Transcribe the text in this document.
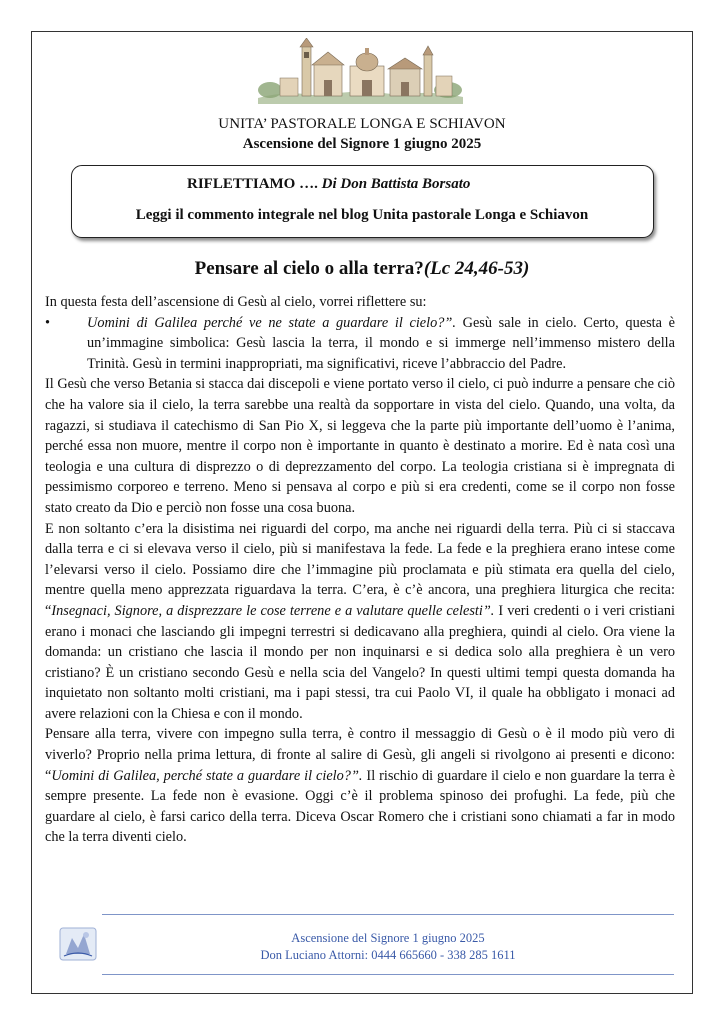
UNITA’ PASTORALE LONGA E SCHIAVON
Ascensione del Signore 1 giugno 2025
RIFLETTIAMO …. Di Don Battista Borsato
Leggi il commento integrale nel blog Unita pastorale Longa e Schiavon
Pensare al cielo o alla terra?(Lc 24,46-53)

In questa festa dell’ascensione di Gesù al cielo, vorrei riflettere su:

•	Uomini di Galilea perché ve ne state a guardare il cielo?”. Gesù sale in cielo. Certo, questa è un’immagine simbolica: Gesù lascia la terra, il mondo e si immerge nell’immenso mistero della Trinità. Gesù in termini inappropriati, ma significativi, riceve l’abbraccio del Padre.

Il Gesù che verso Betania si stacca dai discepoli e viene portato verso il cielo, ci può indurre a pensare che ciò che ha valore sia il cielo, la terra sarebbe una realtà da sopportare in vista del cielo. Quando, una volta, da ragazzi, si studiava il catechismo di San Pio X, si leggeva che la parte più importante dell’uomo è l’anima, perché essa non muore, mentre il corpo non è importante in quanto è destinato a morire. Ed è nata così una teologia e una cultura di disprezzo o di deprezzamento del corpo. La teologia cristiana si è impregnata di pessimismo corporeo e terreno. Meno si pensava al corpo e più si era credenti, come se il corpo non fosse stato creato da Dio e perciò non fosse una cosa buona.

E non soltanto c’era la disistima nei riguardi del corpo, ma anche nei riguardi della terra. Più ci si staccava dalla terra e ci si elevava verso il cielo, più si manifestava la fede. La fede e la preghiera erano intese come l’elevarsi verso il cielo. Possiamo dire che l’immagine più proclamata e più stimata era quella del cielo, mentre quella meno apprezzata riguardava la terra. C’era, è c’è ancora, una preghiera liturgica che recita: “Insegnaci, Signore, a disprezzare le cose terrene e a valutare quelle celesti”. I veri credenti o i veri cristiani erano i monaci che lasciando gli impegni terrestri si dedicavano alla preghiera, quindi al cielo. Ora viene la domanda: un cristiano che lascia il mondo per non inquinarsi e si dedica solo alla preghiera è un vero cristiano? È un cristiano secondo Gesù e nella scia del Vangelo? In questi ultimi tempi questa domanda ha inquietato non soltanto molti cristiani, ma i papi stessi, tra cui Paolo VI, il quale ha obbligato i monaci ad avere relazioni con la Chiesa e con il mondo.

Pensare alla terra, vivere con impegno sulla terra, è contro il messaggio di Gesù o è il modo più vero di viverlo? Proprio nella prima lettura, di fronte al salire di Gesù, gli angeli si rivolgono ai presenti e dicono: “Uomini di Galilea, perché state a guardare il cielo?”. Il rischio di guardare il cielo e non guardare la terra è sempre presente. La fede non è evasione. Oggi c’è il problema spinoso dei profughi. La fede, più che guardare al cielo, è farsi carico della terra. Diceva Oscar Romero che i cristiani sono chiamati a far in modo che la terra diventi cielo.

Ascensione del Signore 1 giugno 2025
Don Luciano Attorni: 0444 665660 - 338 285 1611
